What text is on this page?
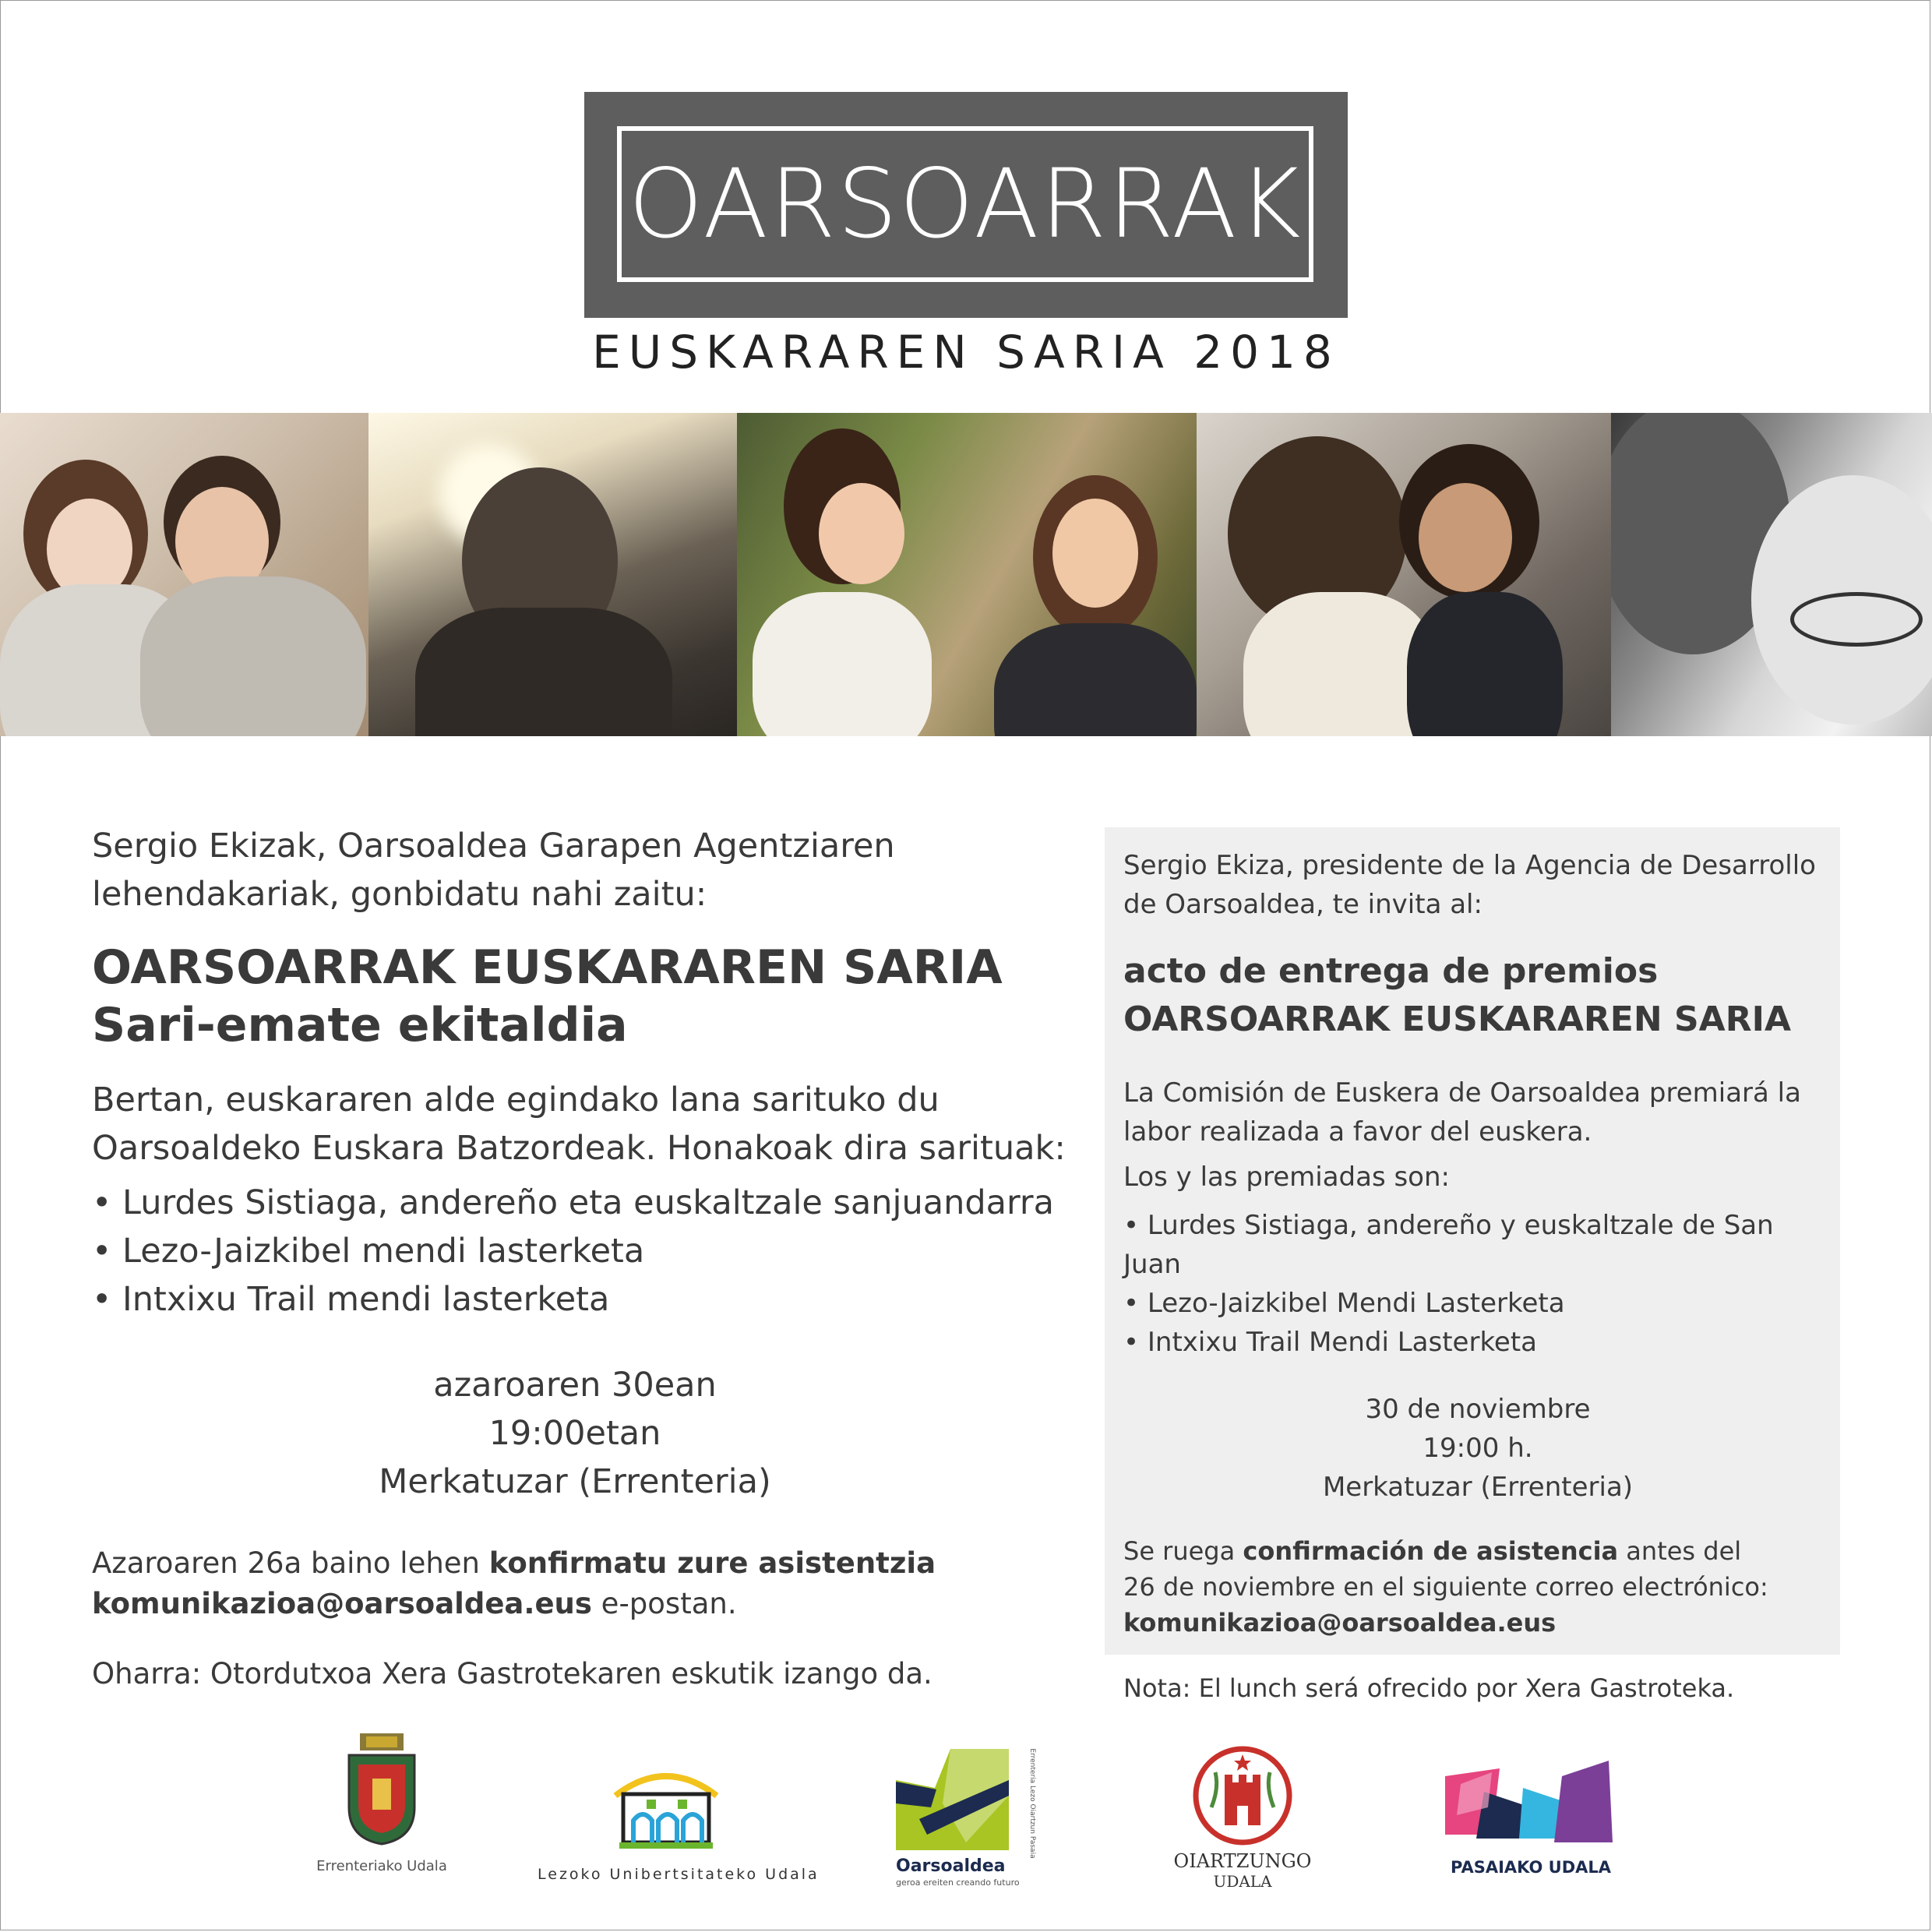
OARSOARRAK
EUSKARAREN SARIA 2018
Sergio Ekizak, Oarsoaldea Garapen Agentziaren
lehendakariak, gonbidatu nahi zaitu:
OARSOARRAK EUSKARAREN SARIA
Sari-emate ekitaldia
Bertan, euskararen alde egindako lana sarituko du
Oarsoaldeko Euskara Batzordeak. Honakoak dira sarituak:
• Lurdes Sistiaga, andereño eta euskaltzale sanjuandarra
• Lezo-Jaizkibel mendi lasterketa
• Intxixu Trail mendi lasterketa
azaroaren 30ean
19:00etan
Merkatuzar (Errenteria)
Azaroaren 26a baino lehen konfirmatu zure asistentzia
komunikazioa@oarsoaldea.eus e-postan.
Oharra: Otordutxoa Xera Gastrotekaren eskutik izango da.
Sergio Ekiza, presidente de la Agencia de Desarrollo
de Oarsoaldea, te invita al:
acto de entrega de premios
OARSOARRAK EUSKARAREN SARIA
La Comisión de Euskera de Oarsoaldea premiará la
labor realizada a favor del euskera.
Los y las premiadas son:
• Lurdes Sistiaga, andereño y euskaltzale de San Juan
• Lezo-Jaizkibel Mendi Lasterketa
• Intxixu Trail Mendi Lasterketa
30 de noviembre
19:00 h.
Merkatuzar (Errenteria)
Se ruega confirmación de asistencia antes del
26 de noviembre en el siguiente correo electrónico:
komunikazioa@oarsoaldea.eus
Nota: El lunch será ofrecido por Xera Gastroteka.
Errenteriako Udala	Lezoko Unibertsitateko Udala	Oarsoaldea
geroa ereiten creando futuro
Errenteria Lezo Oiartzun Pasaia
OIARTZUNGO
UDALA
PASAIAKO UDALA
